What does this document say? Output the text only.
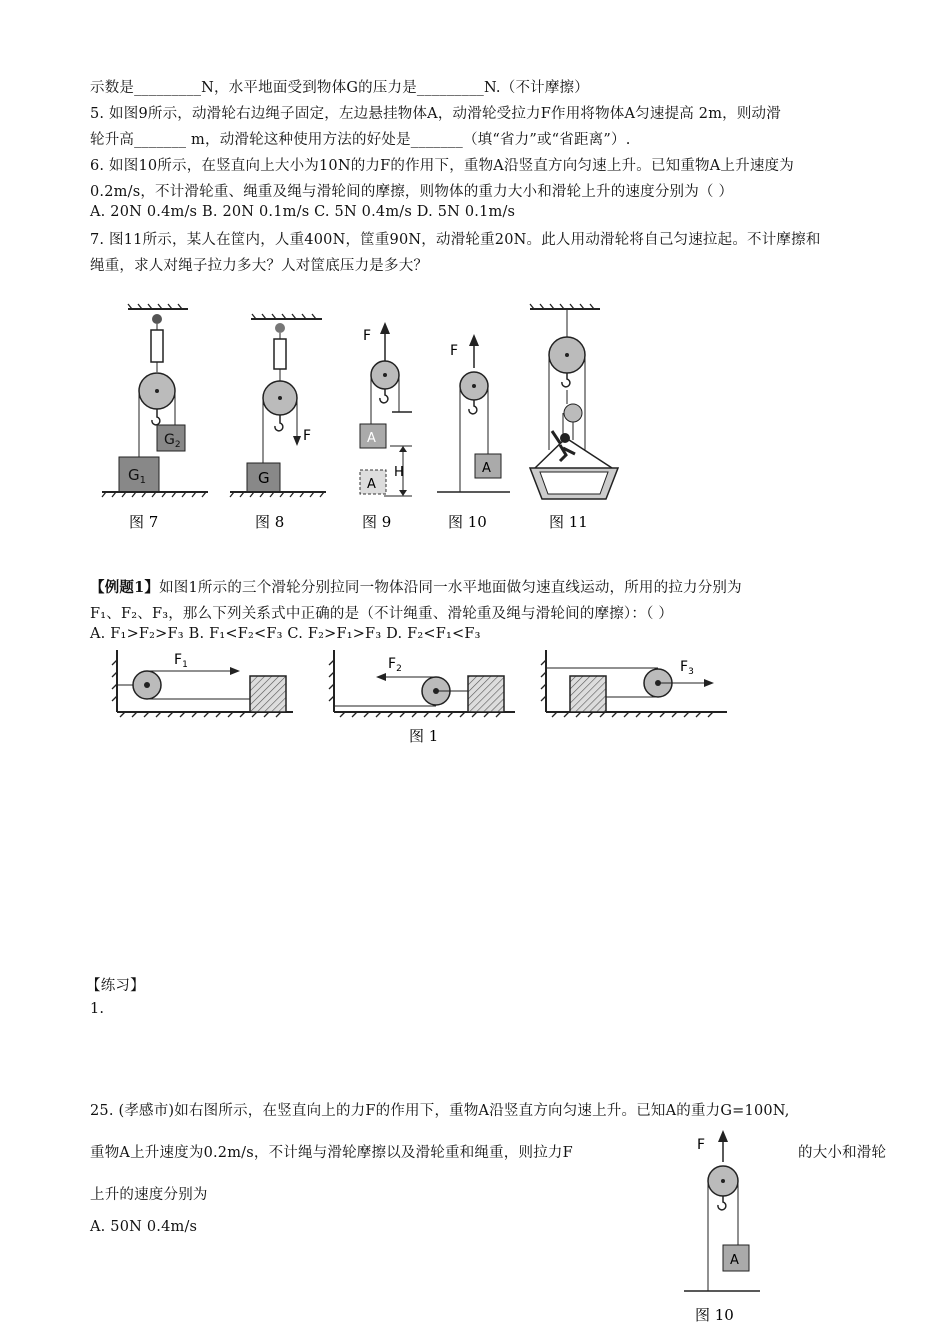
示数是_________N，水平地面受到物体G的压力是_________N.（不计摩擦）
5. 如图9所示，动滑轮右边绳子固定，左边悬挂物体A，动滑轮受拉力F作用将物体A匀速提高 2m，则动滑
轮升高_______ m，动滑轮这种使用方法的好处是_______（填“省力”或“省距离”）.
6. 如图10所示，在竖直向上大小为10N的力F的作用下，重物A沿竖直方向匀速上升。已知重物A上升速度为
0.2m/s，不计滑轮重、绳重及绳与滑轮间的摩擦，则物体的重力大小和滑轮上升的速度分别为（ ）
A. 20N 0.4m/s B. 20N 0.1m/s C. 5N 0.4m/s D. 5N 0.1m/s
7. 图11所示，某人在筐内，人重400N，筐重90N，动滑轮重20N。此人用动滑轮将自己匀速拉起。不计摩擦和
绳重，求人对绳子拉力多大？人对筐底压力是多大？
$G_2$
$G_1$
F
G
F
A
H
A
F
A
图 7	图 8	图 9	图 10	图 11
【例题1】如图1所示的三个滑轮分别拉同一物体沿同一水平地面做匀速直线运动，所用的拉力分别为
F₁、F₂、F₃，那么下列关系式中正确的是（不计绳重、滑轮重及绳与滑轮间的摩擦）：（ ）
A. F₁>F₂>F₃ B. F₁<F₂<F₃ C. F₂>F₁>F₃ D. F₂<F₁<F₃
$F_1$	$F_2$	$F_3$
图 1
【练习】
1.
25. (孝感市)如右图所示，在竖直向上的力F的作用下，重物A沿竖直方向匀速上升。已知A的重力G=100N,
重物A上升速度为0.2m/s，不计绳与滑轮摩擦以及滑轮重和绳重，则拉力F	的大小和滑轮
上升的速度分别为
A. 50N 0.4m/s
F
A
图 10
